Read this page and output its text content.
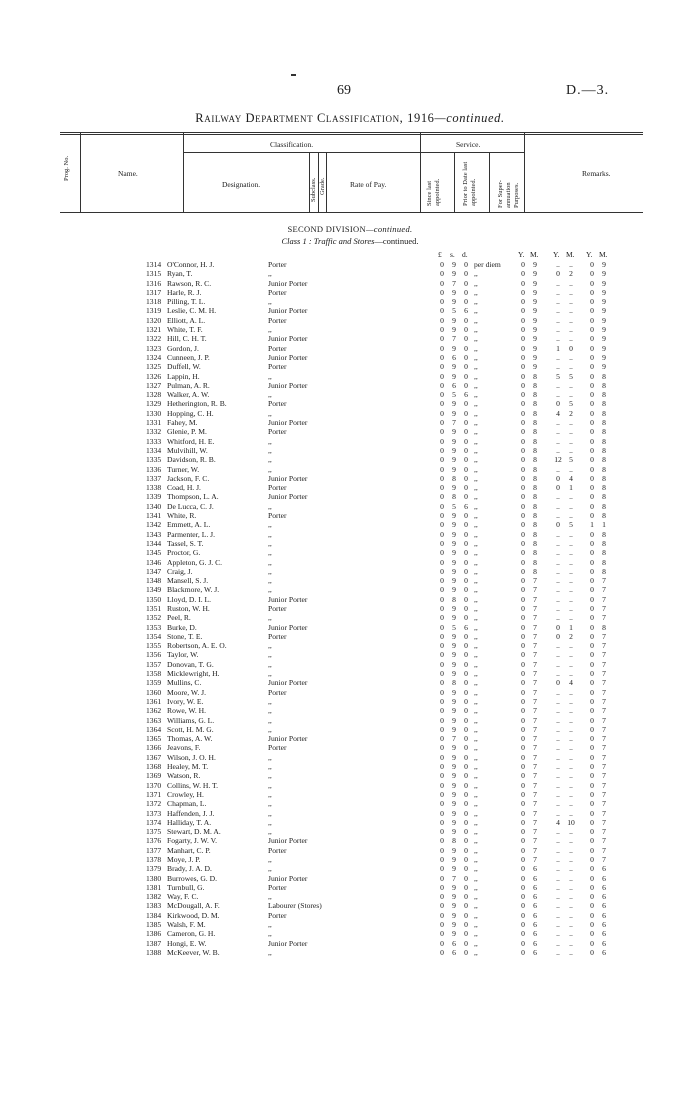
69	D.—3.
Railway Department Classification, 1916—continued.
Prog. No.	Name.
Classification.
Designation.	Subclass. Grade.	Rate of Pay.
Service.
Since last appointed.	Prior to Date last appointed.	For Super-annuation Purposes.
Remarks.
SECOND DIVISION—continued.
Class 1 : Traffic and Stores—continued.
£ s. d.	Y. M. Y. M. Y. M.
1314 O'Connor, H. J.	Porter	0	9	0 per diem	0	9	..	..	0	9
1315 Ryan, T.	,,	0	9	0 ,,	0	9	0	2	0	9
1316 Rawson, R. C.	Junior Porter	0	7	0 ,,	0	9	..	..	0	9
1317 Harle, R. J.	Porter	0	9	0 ,,	0	9	..	..	0	9
1318 Pilling, T. L.	,,	0	9	0 ,,	0	9	..	..	0	9
1319 Leslie, C. M. H.	Junior Porter	0	5	6 ,,	0	9	..	..	0	9
1320 Elliott, A. L.	Porter	0	9	0 ,,	0	9	..	..	0	9
1321 White, T. F.	,,	0	9	0 ,,	0	9	..	..	0	9
1322 Hill, C. H. T.	Junior Porter	0	7	0 ,,	0	9	..	..	0	9
1323 Gordon, J.	Porter	0	9	0 ,,	0	9	1	0	0	9
1324 Cunneen, J. P.	Junior Porter	0	6	0 ,,	0	9	..	..	0	9
1325 Duffell, W.	Porter	0	9	0 ,,	0	9	..	..	0	9
1326 Lappin, H.	,,	0	9	0 ,,	0	8	5	5	0	8
1327 Pulman, A. R.	Junior Porter	0	6	0 ,,	0	8	..	..	0	8
1328 Walker, A. W.	,,	0	5	6 ,,	0	8	..	..	0	8
1329 Hetherington, R. B.	Porter	0	9	0 ,,	0	8	0	5	0	8
1330 Hopping, C. H.	,,	0	9	0 ,,	0	8	4	2	0	8
1331 Fahey, M.	Junior Porter	0	7	0 ,,	0	8	..	..	0	8
1332 Glenie, P. M.	Porter	0	9	0 ,,	0	8	..	..	0	8
1333 Whitford, H. E.	,,	0	9	0 ,,	0	8	..	..	0	8
1334 Mulvihill, W.	,,	0	9	0 ,,	0	8	..	..	0	8
1335 Davidson, R. B.	,,	0	9	0 ,,	0	8	12 5	0	8
1336 Turner, W.	,,	0	9	0 ,,	0	8	..	..	0	8
1337 Jackson, F. C.	Junior Porter	0	8	0 ,,	0	8	0	4	0	8
1338 Coad, H. J.	Porter	0	9	0 ,,	0	8	0	1	0	8
1339 Thompson, L. A.	Junior Porter	0	8	0 ,,	0	8	..	..	0	8
1340 De Lucca, C. J.	,,	0	5	6 ,,	0	8	..	..	0	8
1341 White, R.	Porter	0	9	0 ,,	0	8	..	..	0	8
1342 Emmett, A. L.	,,	0	9	0 ,,	0	8	0	5	1	1
1343 Parmenter, L. J.	,,	0	9	0 ,,	0	8	..	..	0	8
1344 Tassel, S. T.	,,	0	9	0 ,,	0	8	..	..	0	8
1345 Proctor, G.	,,	0	9	0 ,,	0	8	..	..	0	8
1346 Appleton, G. J. C.	,,	0	9	0 ,,	0	8	..	..	0	8
1347 Craig, J.	,,	0	9	0 ,,	0	8	..	..	0	8
1348 Mansell, S. J.	,,	0	9	0 ,,	0	7	..	..	0	7
1349 Blackmore, W. J.	,,	0	9	0 ,,	0	7	..	..	0	7
1350 Lloyd, D. I. L.	Junior Porter	0	8	0 ,,	0	7	..	..	0	7
1351 Ruston, W. H.	Porter	0	9	0 ,,	0	7	..	..	0	7
1352 Peel, R.	,,	0	9	0 ,,	0	7	..	..	0	7
1353 Burke, D.	Junior Porter	0	5	6 ,,	0	7	0	1	0	8
1354 Stone, T. E.	Porter	0	9	0 ,,	0	7	0	2	0	7
1355 Robertson, A. E. O.	,,	0	9	0 ,,	0	7	..	..	0	7
1356 Taylor, W.	,,	0	9	0 ,,	0	7	..	..	0	7
1357 Donovan, T. G.	,,	0	9	0 ,,	0	7	..	..	0	7
1358 Micklewright, H.	,,	0	9	0 ,,	0	7	..	..	0	7
1359 Mullins, C.	Junior Porter	0	8	0 ,,	0	7	0	4	0	7
1360 Moore, W. J.	Porter	0	9	0 ,,	0	7	..	..	0	7
1361 Ivory, W. E.	,,	0	9	0 ,,	0	7	..	..	0	7
1362 Rowe, W. H.	,,	0	9	0 ,,	0	7	..	..	0	7
1363 Williams, G. L.	,,	0	9	0 ,,	0	7	..	..	0	7
1364 Scott, H. M. G.	,,	0	9	0 ,,	0	7	..	..	0	7
1365 Thomas, A. W.	Junior Porter	0	7	0 ,,	0	7	..	..	0	7
1366 Jeavons, F.	Porter	0	9	0 ,,	0	7	..	..	0	7
1367 Wilson, J. O. H.	,,	0	9	0 ,,	0	7	..	..	0	7
1368 Healey, M. T.	,,	0	9	0 ,,	0	7	..	..	0	7
1369 Watson, R.	,,	0	9	0 ,,	0	7	..	..	0	7
1370 Collins, W. H. T.	,,	0	9	0 ,,	0	7	..	..	0	7
1371 Crowley, H.	,,	0	9	0 ,,	0	7	..	..	0	7
1372 Chapman, L.	,,	0	9	0 ,,	0	7	..	..	0	7
1373 Haffenden, J. J.	,,	0	9	0 ,,	0	7	..	..	0	7
1374 Halliday, T. A.	,,	0	9	0 ,,	0	7	4 10	0	7
1375 Stewart, D. M. A.	,,	0	9	0 ,,	0	7	..	..	0	7
1376 Fogarty, J. W. V.	Junior Porter	0	8	0 ,,	0	7	..	..	0	7
1377 Manhart, C. P.	Porter	0	9	0 ,,	0	7	..	..	0	7
1378 Moye, J. P.	,,	0	9	0 ,,	0	7	..	..	0	7
1379 Brady, J. A. D.	,,	0	9	0 ,,	0	6	..	..	0	6
1380 Burrowes, G. D.	Junior Porter	0	7	0 ,,	0	6	..	..	0	6
1381 Turnbull, G.	Porter	0	9	0 ,,	0	6	..	..	0	6
1382 Way, F. C.	,,	0	9	0 ,,	0	6	..	..	0	6
1383 McDougall, A. F.	Labourer (Stores)	0	9	0 ,,	0	6	..	..	0	6
1384 Kirkwood, D. M.	Porter	0	9	0 ,,	0	6	..	..	0	6
1385 Walsh, F. M.	,,	0	9	0 ,,	0	6	..	..	0	6
1386 Cameron, G. H.	,,	0	9	0 ,,	0	6	..	..	0	6
1387 Hongi, E. W.	Junior Porter	0	6	0 ,,	0	6	..	..	0	6
1388 McKeever, W. B.	,,	0	6	0 ,,	0	6	..	..	0	6
